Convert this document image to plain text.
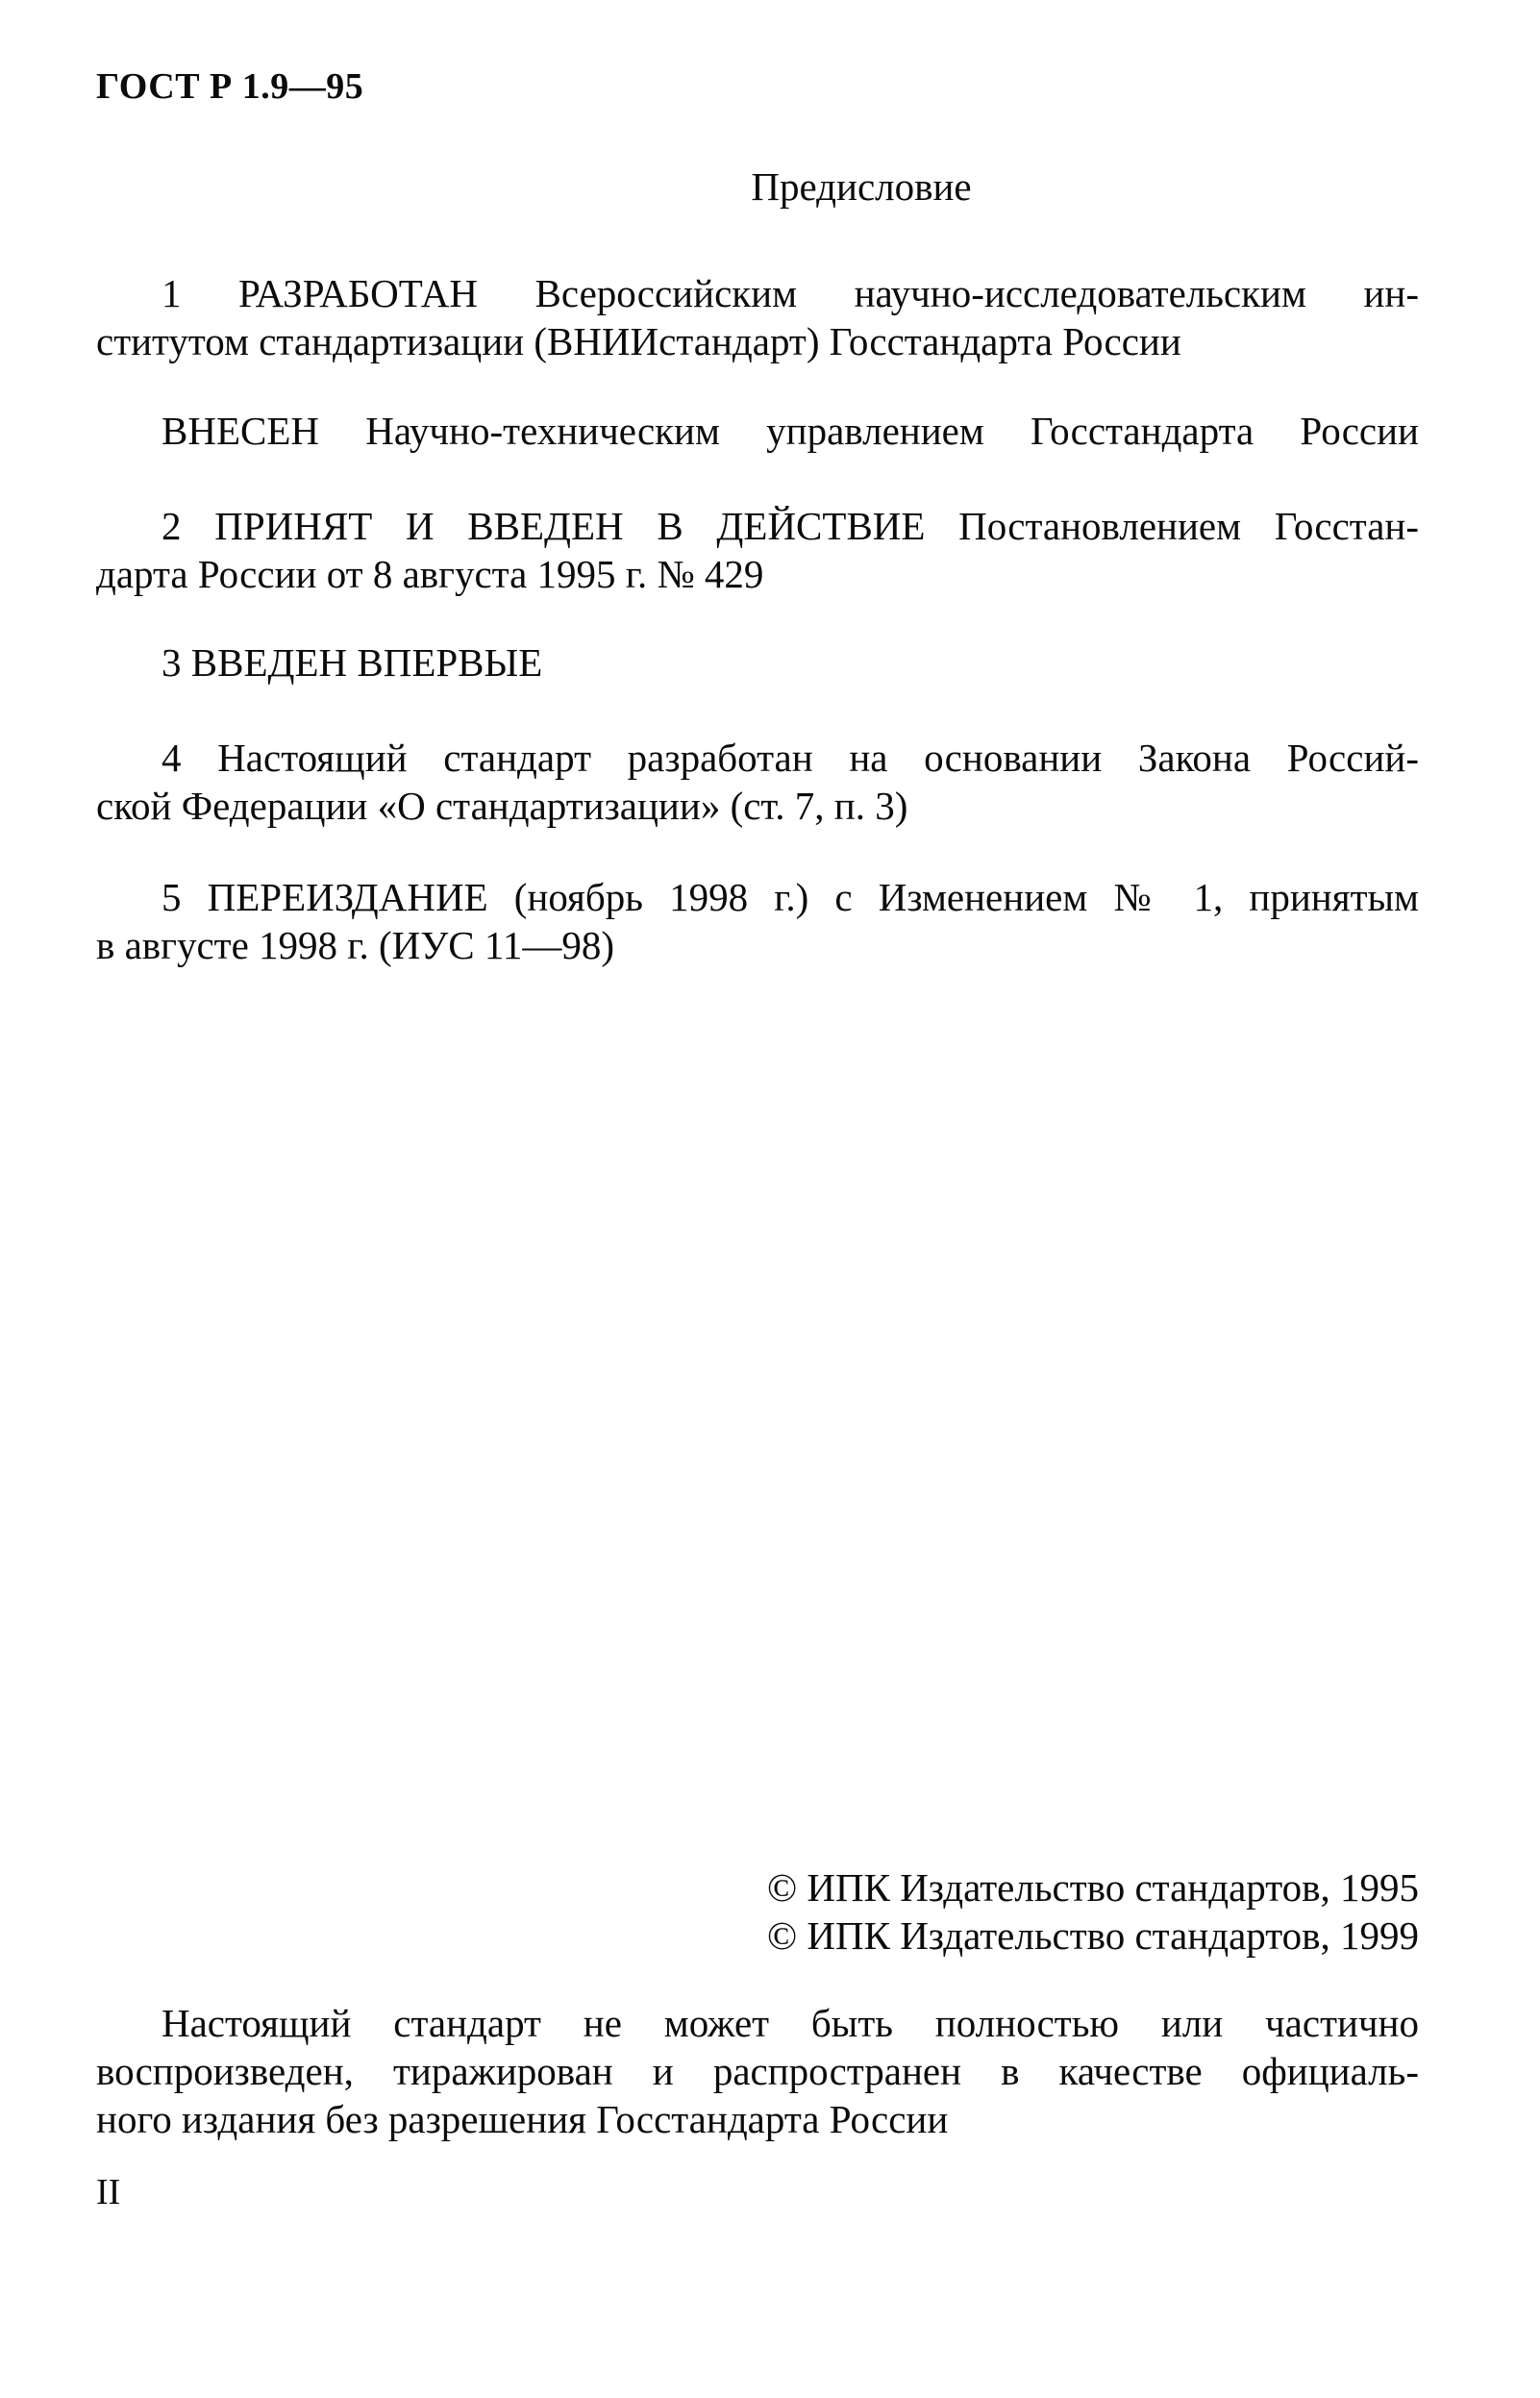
ГОСТ Р 1.9—95
Предисловие
1 РАЗРАБОТАН Всероссийским научно-исследовательским ин-
ститутом стандартизации (ВНИИстандарт) Госстандарта России
ВНЕСЕН Научно-техническим управлением Госстандарта России
2 ПРИНЯТ И ВВЕДЕН В ДЕЙСТВИЕ Постановлением Госстан-
дарта России от 8 августа 1995 г. № 429
3 ВВЕДЕН ВПЕРВЫЕ
4 Настоящий стандарт разработан на основании Закона Россий-
ской Федерации «О стандартизации» (ст. 7, п. 3)
5 ПЕРЕИЗДАНИЕ (ноябрь 1998 г.) с Изменением № 1, принятым
в августе 1998 г. (ИУС 11—98)
© ИПК Издательство стандартов, 1995
© ИПК Издательство стандартов, 1999
Настоящий стандарт не может быть полностью или частично
воспроизведен, тиражирован и распространен в качестве официаль-
ного издания без разрешения Госстандарта России
II
